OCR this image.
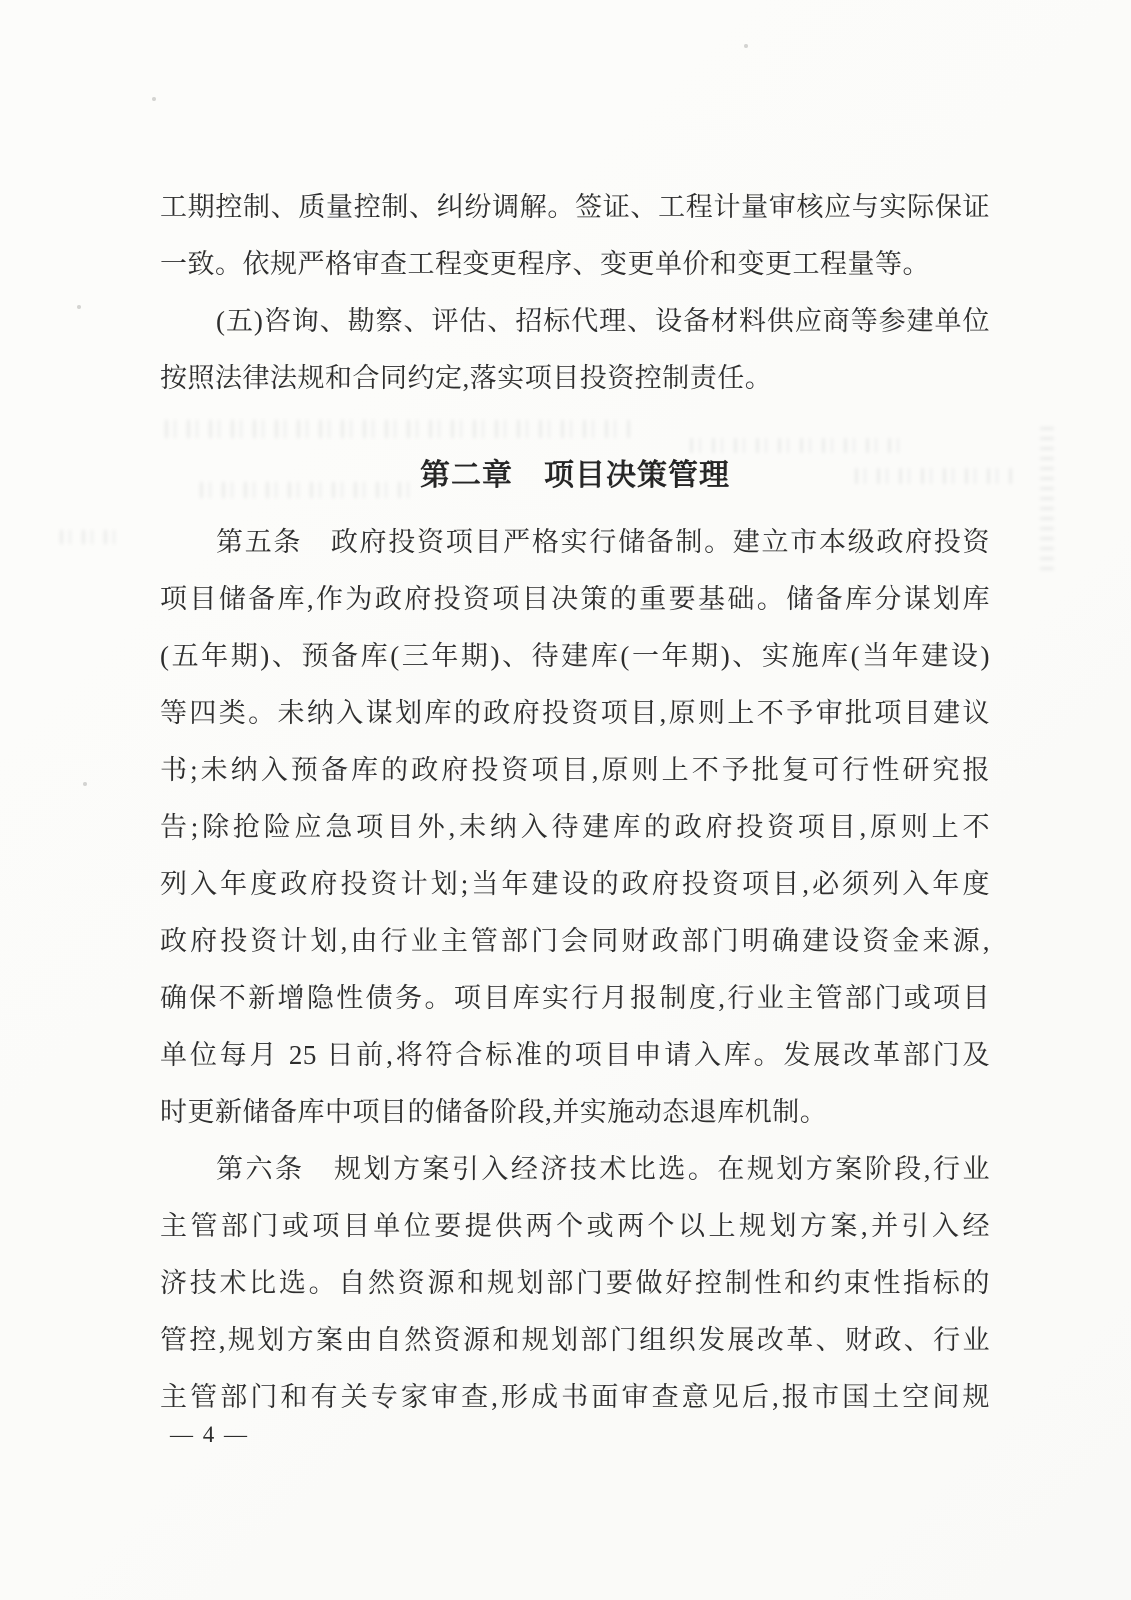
工期控制、质量控制、纠纷调解。签证、工程计量审核应与实际保证
一致。依规严格审查工程变更程序、变更单价和变更工程量等。
(五)咨询、勘察、评估、招标代理、设备材料供应商等参建单位
按照法律法规和合同约定,落实项目投资控制责任。
第二章　项目决策管理
第五条　政府投资项目严格实行储备制。建立市本级政府投资
项目储备库,作为政府投资项目决策的重要基础。储备库分谋划库
(五年期)、预备库(三年期)、待建库(一年期)、实施库(当年建设)
等四类。未纳入谋划库的政府投资项目,原则上不予审批项目建议
书;未纳入预备库的政府投资项目,原则上不予批复可行性研究报
告;除抢险应急项目外,未纳入待建库的政府投资项目,原则上不
列入年度政府投资计划;当年建设的政府投资项目,必须列入年度
政府投资计划,由行业主管部门会同财政部门明确建设资金来源,
确保不新增隐性债务。项目库实行月报制度,行业主管部门或项目
单位每月 25 日前,将符合标准的项目申请入库。发展改革部门及
时更新储备库中项目的储备阶段,并实施动态退库机制。
第六条　规划方案引入经济技术比选。在规划方案阶段,行业
主管部门或项目单位要提供两个或两个以上规划方案,并引入经
济技术比选。自然资源和规划部门要做好控制性和约束性指标的
管控,规划方案由自然资源和规划部门组织发展改革、财政、行业
主管部门和有关专家审查,形成书面审查意见后,报市国土空间规
— 4 —
